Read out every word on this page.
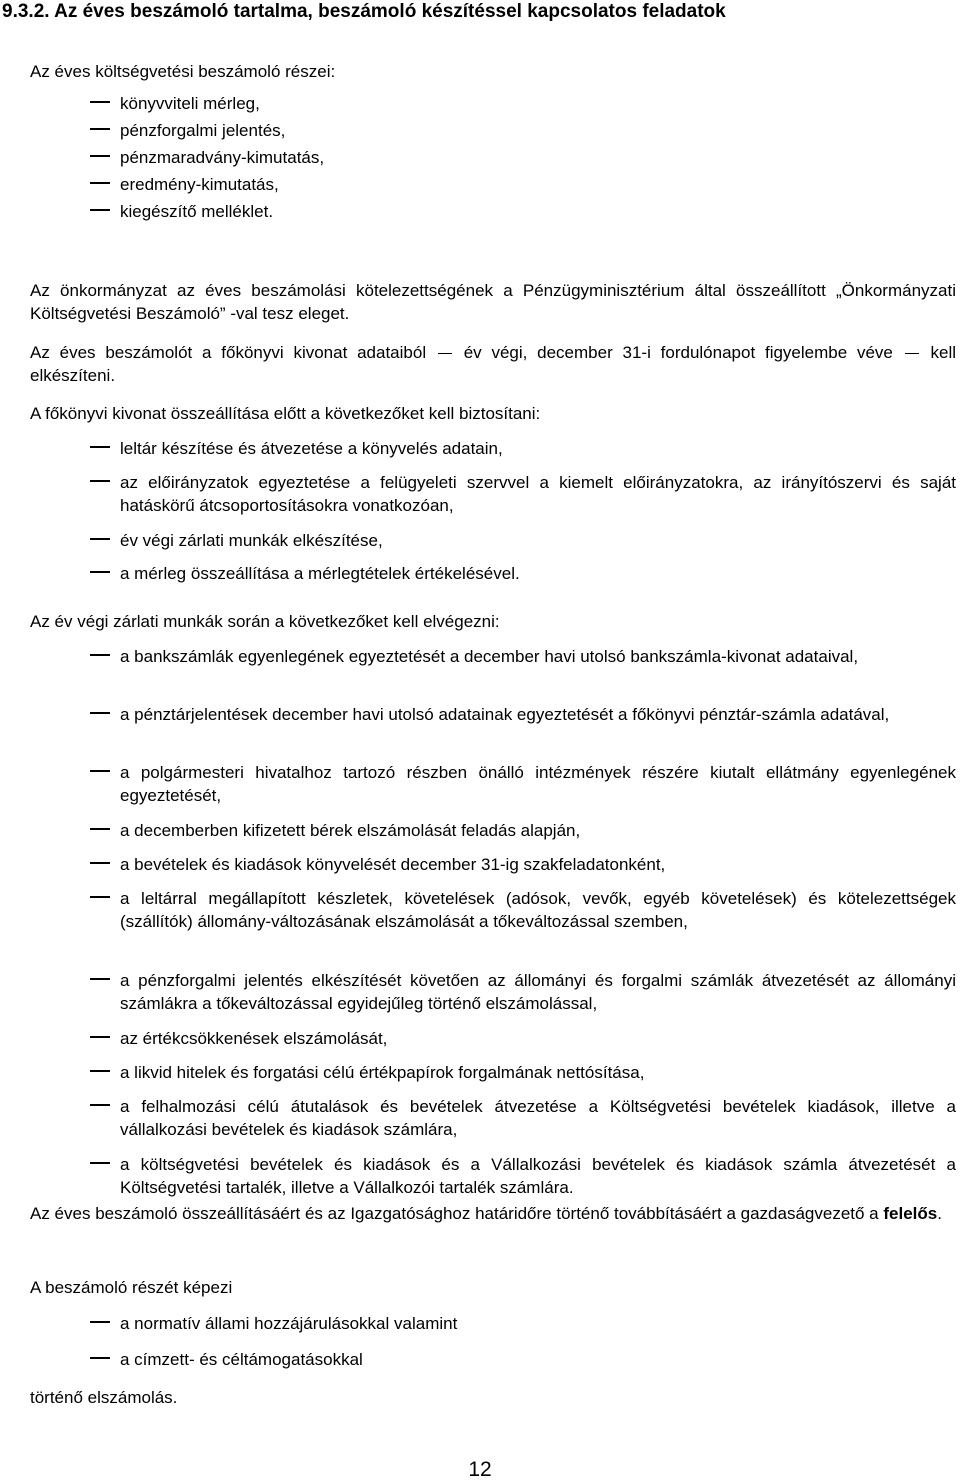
9.3.2. Az éves beszámoló tartalma, beszámoló készítéssel kapcsolatos feladatok

Az éves költségvetési beszámoló részei:

könyvviteli mérleg,
pénzforgalmi jelentés,
pénzmaradvány-kimutatás,
eredmény-kimutatás,
kiegészítő melléklet.

Az önkormányzat az éves beszámolási kötelezettségének a Pénzügyminisztérium által összeállított „Önkormányzati Költségvetési Beszámoló” -val tesz eleget.

Az éves beszámolót a főkönyvi kivonat adataiból év végi, december 31-i fordulónapot figyelembe véve kell elkészíteni.

A főkönyvi kivonat összeállítása előtt a következőket kell biztosítani:

leltár készítése és átvezetése a könyvelés adatain,
az előirányzatok egyeztetése a felügyeleti szervvel a kiemelt előirányzatokra, az irányítószervi és saját hatáskörű átcsoportosításokra vonatkozóan,
év végi zárlati munkák elkészítése,
a mérleg összeállítása a mérlegtételek értékelésével.

Az év végi zárlati munkák során a következőket kell elvégezni:

a bankszámlák egyenlegének egyeztetését a december havi utolsó bankszámla-kivonat adataival,
a pénztárjelentések december havi utolsó adatainak egyeztetését a főkönyvi pénztár-számla adatával,
a polgármesteri hivatalhoz tartozó részben önálló intézmények részére kiutalt ellátmány egyenlegének egyeztetését,
a decemberben kifizetett bérek elszámolását feladás alapján,
a bevételek és kiadások könyvelését december 31-ig szakfeladatonként,
a leltárral megállapított készletek, követelések (adósok, vevők, egyéb követelések) és kötelezettségek (szállítók) állomány-változásának elszámolását a tőkeváltozással szemben,
a pénzforgalmi jelentés elkészítését követően az állományi és forgalmi számlák átvezetését az állományi számlákra a tőkeváltozással egyidejűleg történő elszámolással,
az értékcsökkenések elszámolását,
a likvid hitelek és forgatási célú értékpapírok forgalmának nettósítása,
a felhalmozási célú átutalások és bevételek átvezetése a Költségvetési bevételek kiadások, illetve a vállalkozási bevételek és kiadások számlára,
a költségvetési bevételek és kiadások és a Vállalkozási bevételek és kiadások számla átvezetését a Költségvetési tartalék, illetve a Vállalkozói tartalék számlára.

Az éves beszámoló összeállításáért és az Igazgatósághoz határidőre történő továbbításáért a gazdaságvezető a felelős.

A beszámoló részét képezi

a normatív állami hozzájárulásokkal valamint
a címzett- és céltámogatásokkal

történő elszámolás.

12
